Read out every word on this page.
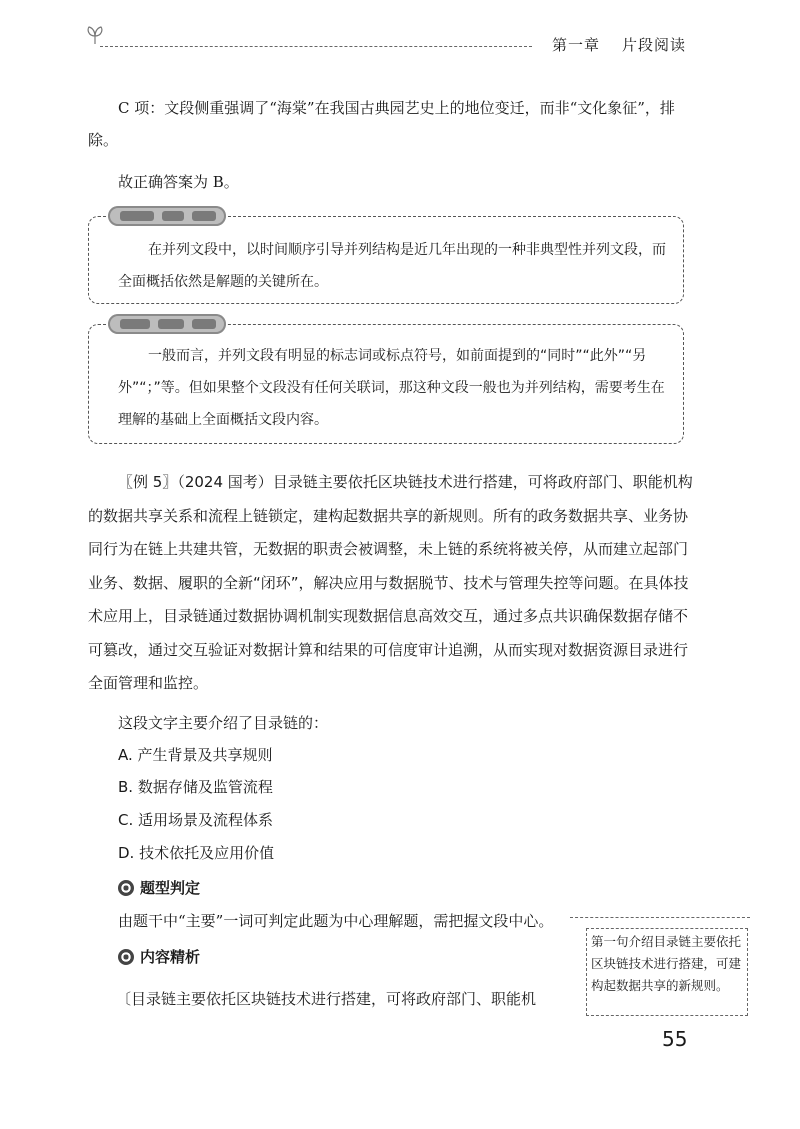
第一章 片段阅读
C 项：文段侧重强调了“海棠”在我国古典园艺史上的地位变迁，而非“文化象征”，排除。
故正确答案为 B。
在并列文段中，以时间顺序引导并列结构是近几年出现的一种非典型性并列文段，而全面概括依然是解题的关键所在。
一般而言，并列文段有明显的标志词或标点符号，如前面提到的“同时”“此外”“另外”“；”等。但如果整个文段没有任何关联词，那这种文段一般也为并列结构，需要考生在理解的基础上全面概括文段内容。
〖例 5〗（2024 国考）目录链主要依托区块链技术进行搭建，可将政府部门、职能机构的数据共享关系和流程上链锁定，建构起数据共享的新规则。所有的政务数据共享、业务协同行为在链上共建共管，无数据的职责会被调整，未上链的系统将被关停，从而建立起部门业务、数据、履职的全新“闭环”，解决应用与数据脱节、技术与管理失控等问题。在具体技术应用上，目录链通过数据协调机制实现数据信息高效交互，通过多点共识确保数据存储不可篡改，通过交互验证对数据计算和结果的可信度审计追溯，从而实现对数据资源目录进行全面管理和监控。
这段文字主要介绍了目录链的：
A. 产生背景及共享规则
B. 数据存储及监管流程
C. 适用场景及流程体系
D. 技术依托及应用价值
题型判定
由题干中“主要”一词可判定此题为中心理解题，需把握文段中心。
内容精析
〔目录链主要依托区块链技术进行搭建，可将政府部门、职能机
第一句介绍目录链主要依托区块链技术进行搭建，可建构起数据共享的新规则。
55
